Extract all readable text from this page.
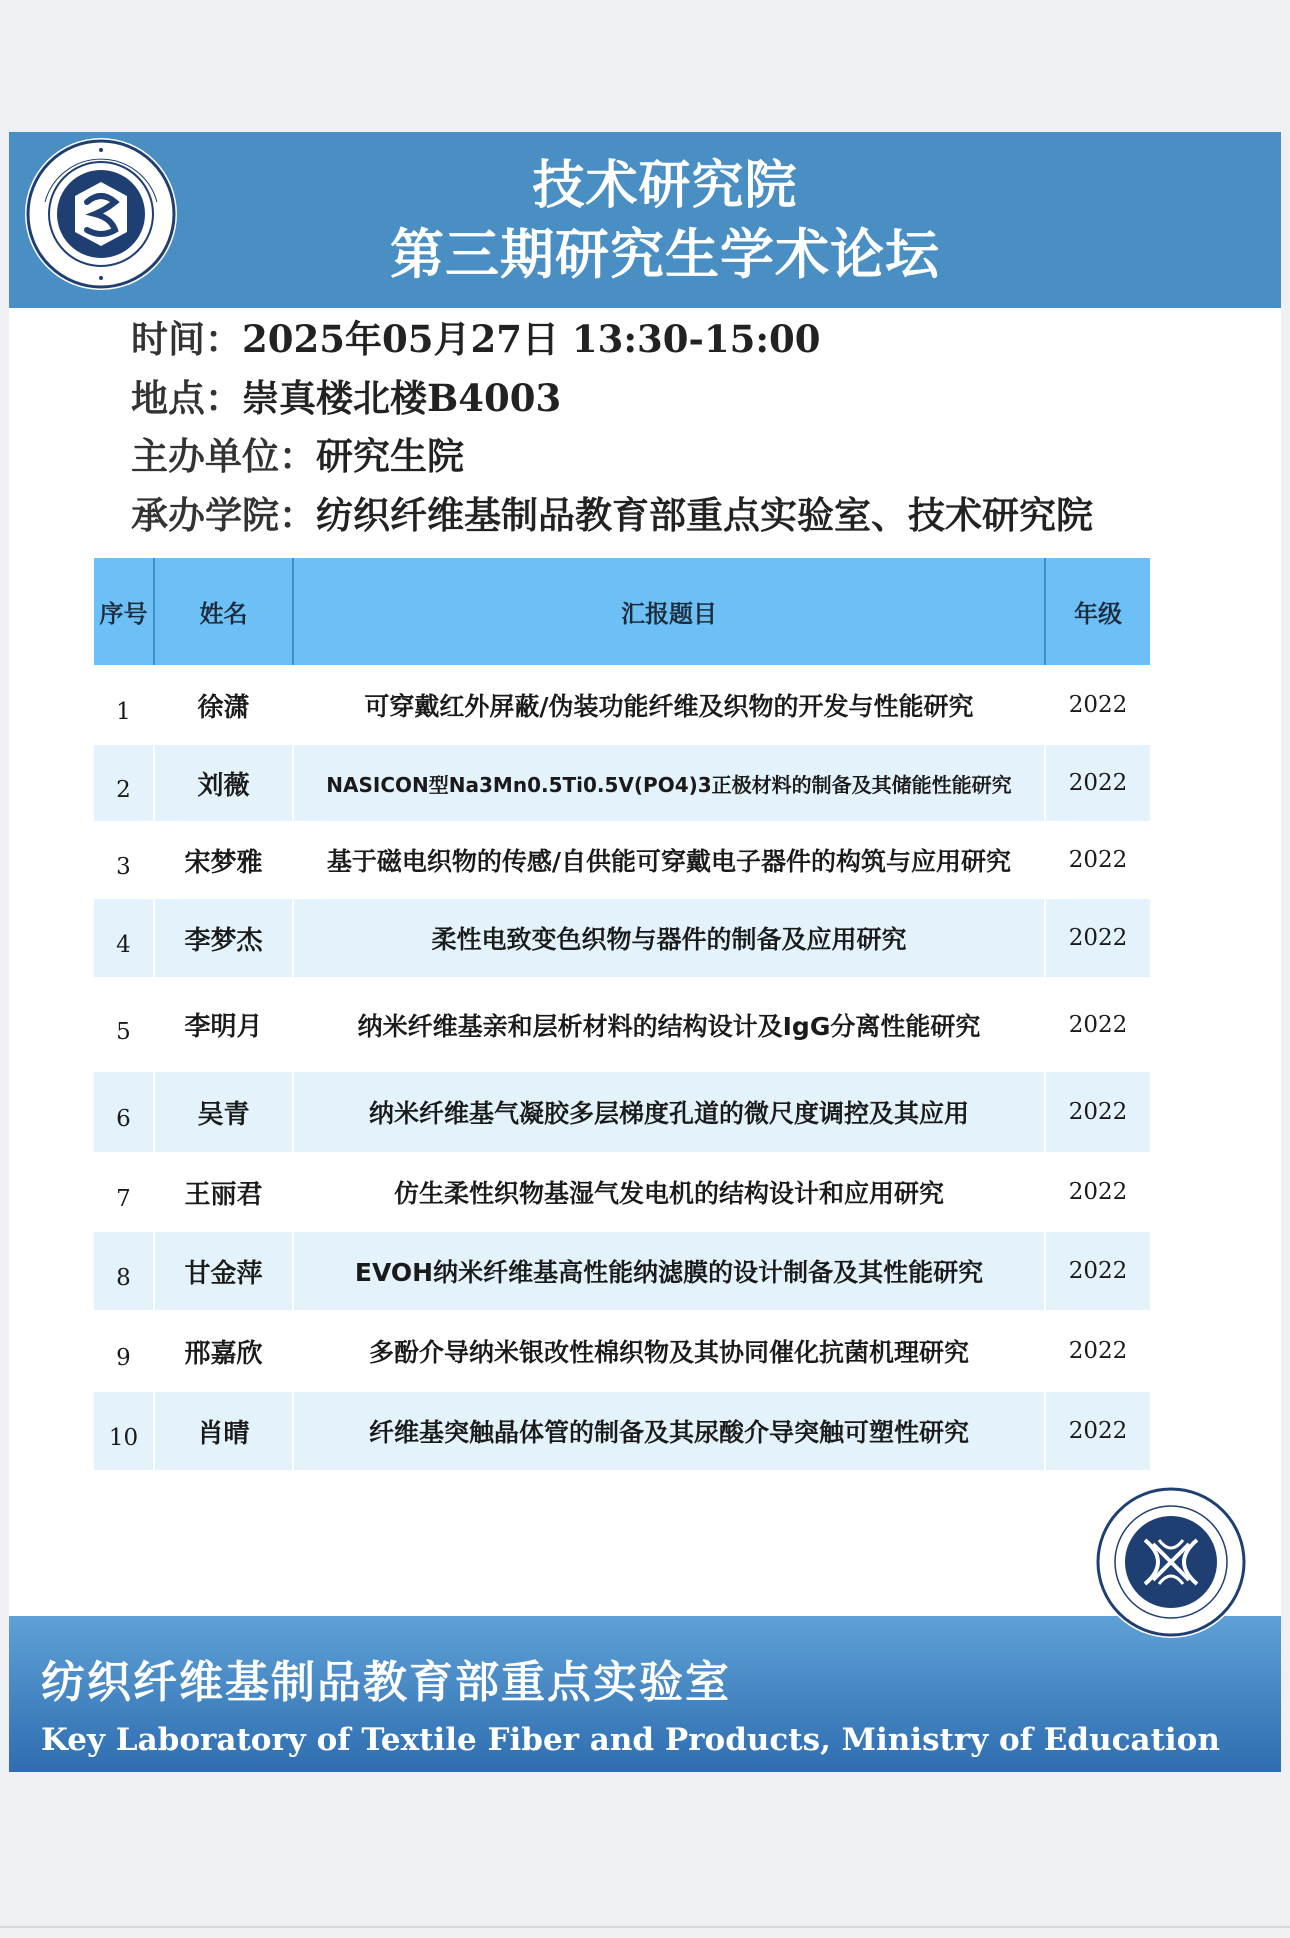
技术研究院
第三期研究生学术论坛
时间：2025年05月27日 13:30-15:00
地点：崇真楼北楼B4003
主办单位：研究生院
承办学院：纺织纤维基制品教育部重点实验室、技术研究院
序号	姓名	汇报题目	年级
1	徐潇	可穿戴红外屏蔽/伪装功能纤维及织物的开发与性能研究	2022
2	刘薇	NASICON型Na3Mn0.5Ti0.5V(PO4)3正极材料的制备及其储能性能研究	2022
3	宋梦雅	基于磁电织物的传感/自供能可穿戴电子器件的构筑与应用研究	2022
4	李梦杰	柔性电致变色织物与器件的制备及应用研究	2022
5	李明月	纳米纤维基亲和层析材料的结构设计及IgG分离性能研究	2022
6	吴青	纳米纤维基气凝胶多层梯度孔道的微尺度调控及其应用	2022
7	王丽君	仿生柔性织物基湿气发电机的结构设计和应用研究	2022
8	甘金萍	EVOH纳米纤维基高性能纳滤膜的设计制备及其性能研究	2022
9	邢嘉欣	多酚介导纳米银改性棉织物及其协同催化抗菌机理研究	2022
10	肖晴	纤维基突触晶体管的制备及其尿酸介导突触可塑性研究	2022
纺织纤维基制品教育部重点实验室
Key Laboratory of Textile Fiber and Products, Ministry of Education
